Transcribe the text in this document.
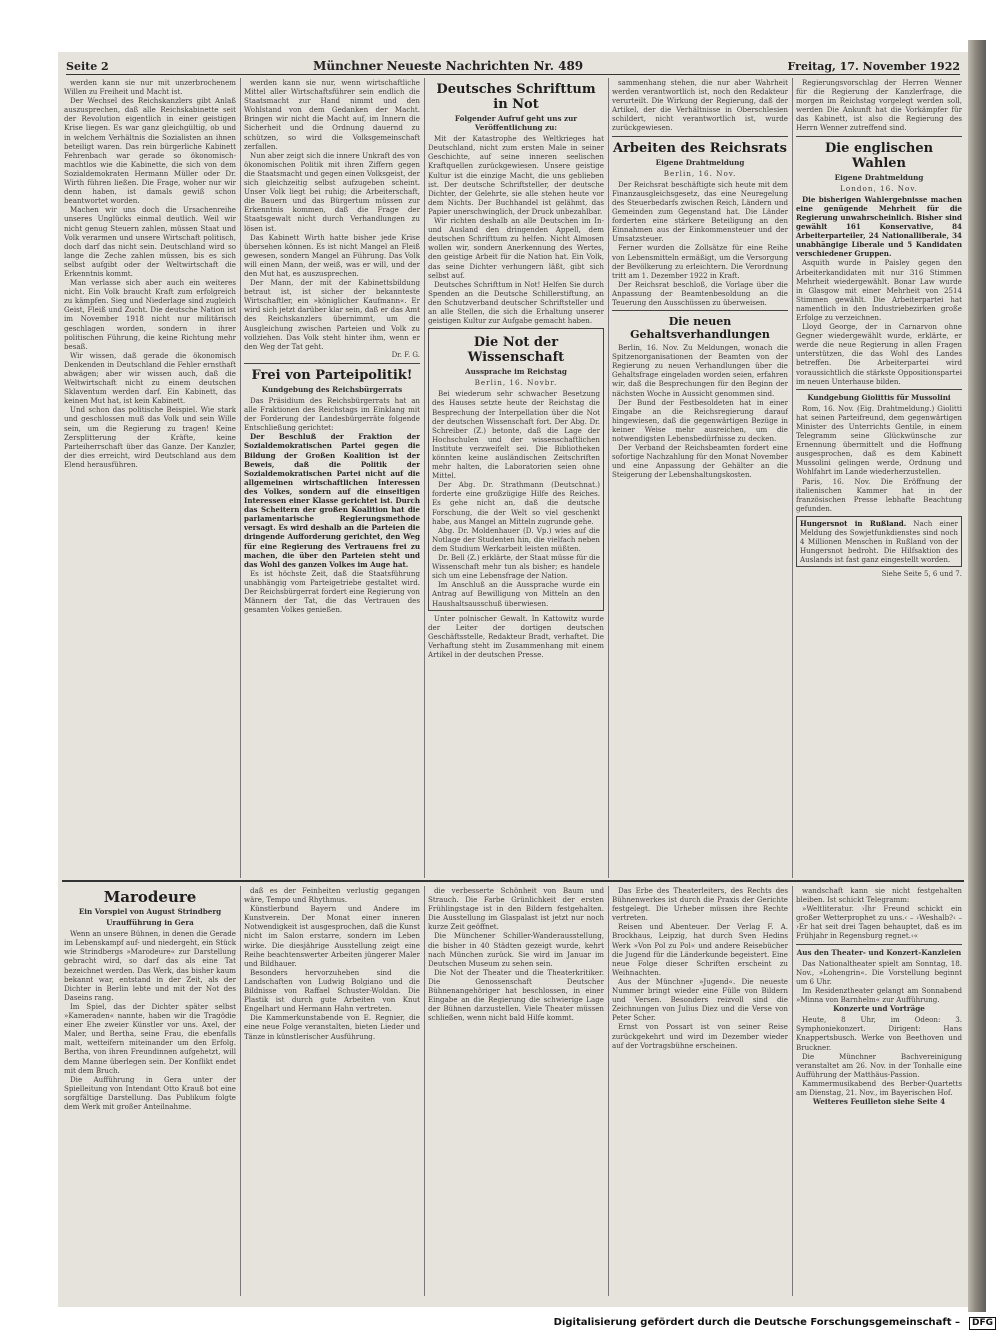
Seite 2	Münchner Neueste Nachrichten Nr. 489	Freitag, 17. November 1922

werden kann sie nur mit unzerbrochenem Willen zu Freiheit und Macht ist.

Der Wechsel des Reichskanzlers gibt Anlaß auszusprechen, daß alle Reichskabinette seit der Revolution eigentlich in einer geistigen Krise liegen. Es war ganz gleichgültig, ob und in welchem Verhältnis die Sozialisten an ihnen beteiligt waren. Das rein bürgerliche Kabinett Fehrenbach war gerade so ökonomisch-machtlos wie die Kabinette, die sich von dem Sozialdemokraten Hermann Müller oder Dr. Wirth führen ließen. Die Frage, woher nur wir denn haben, ist damals gewiß schon beantwortet worden.

Machen wir uns doch die Ursachenreihe unseres Unglücks einmal deutlich. Weil wir nicht genug Steuern zahlen, müssen Staat und Volk verarmen und unsere Wirtschaft politisch, doch darf das nicht sein. Deutschland wird so lange die Zeche zahlen müssen, bis es sich selbst aufgibt oder der Weltwirtschaft die Erkenntnis kommt.

Man verlasse sich aber auch ein weiteres nicht. Ein Volk braucht Kraft zum erfolgreich zu kämpfen. Sieg und Niederlage sind zugleich Geist, Fleiß und Zucht. Die deutsche Nation ist im November 1918 nicht nur militärisch geschlagen worden, sondern in ihrer politischen Führung, die keine Richtung mehr besaß.

Wir wissen, daß gerade die ökonomisch Denkenden in Deutschland die Fehler ernsthaft abwägen; aber wir wissen auch, daß die Weltwirtschaft nicht zu einem deutschen Sklaventum werden darf. Ein Kabinett, das keinen Mut hat, ist kein Kabinett.

Und schon das politische Beispiel. Wie stark und geschlossen muß das Volk und sein Wille sein, um die Regierung zu tragen! Keine Zersplitterung der Kräfte, keine Parteiherrschaft über das Ganze. Der Kanzler, der dies erreicht, wird Deutschland aus dem Elend herausführen.

werden kann sie nur, wenn wirtschaftliche Mittel aller Wirtschaftsführer sein endlich die Staatsmacht zur Hand nimmt und den Wohlstand von dem Gedanken der Macht. Bringen wir nicht die Macht auf, im Innern die Sicherheit und die Ordnung dauernd zu schützen, so wird die Volksgemeinschaft zerfallen.

Nun aber zeigt sich die innere Unkraft des von ökonomischen Politik mit ihren Ziffern gegen die Staatsmacht und gegen einen Volksgeist, der sich gleichzeitig selbst aufzugeben scheint. Unser Volk liegt bei ruhig; die Arbeiterschaft, die Bauern und das Bürgertum müssen zur Erkenntnis kommen, daß die Frage der Staatsgewalt nicht durch Verhandlungen zu lösen ist.

Das Kabinett Wirth hatte bisher jede Krise übersehen können. Es ist nicht Mangel an Fleiß gewesen, sondern Mangel an Führung. Das Volk will einen Mann, der weiß, was er will, und der den Mut hat, es auszusprechen.

Der Mann, der mit der Kabinettsbildung betraut ist, ist sicher der bekannteste Wirtschaftler, ein »königlicher Kaufmann«. Er wird sich jetzt darüber klar sein, daß er das Amt des Reichskanzlers übernimmt, um die Ausgleichung zwischen Parteien und Volk zu vollziehen. Das Volk steht hinter ihm, wenn er den Weg der Tat geht.

Dr. F. G.
Frei von Parteipolitik!
Kundgebung des Reichsbürgerrats

Das Präsidium des Reichsbürgerrats hat an alle Fraktionen des Reichstags im Einklang mit der Forderung der Landesbürgerräte folgende Entschließung gerichtet:

Der Beschluß der Fraktion der Sozialdemokratischen Partei gegen die Bildung der Großen Koalition ist der Beweis, daß die Politik der Sozialdemokratischen Partei nicht auf die allgemeinen wirtschaftlichen Interessen des Volkes, sondern auf die einseitigen Interessen einer Klasse gerichtet ist. Durch das Scheitern der großen Koalition hat die parlamentarische Regierungsmethode versagt. Es wird deshalb an die Parteien die dringende Aufforderung gerichtet, den Weg für eine Regierung des Vertrauens frei zu machen, die über den Parteien steht und das Wohl des ganzen Volkes im Auge hat.

Es ist höchste Zeit, daß die Staatsführung unabhängig vom Parteigetriebe gestaltet wird. Der Reichsbürgerrat fordert eine Regierung von Männern der Tat, die das Vertrauen des gesamten Volkes genießen.

Deutsches Schrifttum in Not
Folgender Aufruf geht uns zur Veröffentlichung zu:

Mit der Katastrophe des Weltkrieges hat Deutschland, nicht zum ersten Male in seiner Geschichte, auf seine inneren seelischen Kraftquellen zurückgewiesen. Unsere geistige Kultur ist die einzige Macht, die uns geblieben ist. Der deutsche Schriftsteller, der deutsche Dichter, der Gelehrte, sie alle stehen heute vor dem Nichts. Der Buchhandel ist gelähmt, das Papier unerschwinglich, der Druck unbezahlbar.

Wir richten deshalb an alle Deutschen im In- und Ausland den dringenden Appell, dem deutschen Schrifttum zu helfen. Nicht Almosen wollen wir, sondern Anerkennung des Wertes, den geistige Arbeit für die Nation hat. Ein Volk, das seine Dichter verhungern läßt, gibt sich selbst auf.

Deutsches Schrifttum in Not! Helfen Sie durch Spenden an die Deutsche Schillerstiftung, an den Schutzverband deutscher Schriftsteller und an alle Stellen, die sich die Erhaltung unserer geistigen Kultur zur Aufgabe gemacht haben.

Die Not der Wissenschaft
Aussprache im Reichstag
Berlin, 16. Novbr.

Bei wiederum sehr schwacher Besetzung des Hauses setzte heute der Reichstag die Besprechung der Interpellation über die Not der deutschen Wissenschaft fort. Der Abg. Dr. Schreiber (Z.) betonte, daß die Lage der Hochschulen und der wissenschaftlichen Institute verzweifelt sei. Die Bibliotheken könnten keine ausländischen Zeitschriften mehr halten, die Laboratorien seien ohne Mittel.

Der Abg. Dr. Strathmann (Deutschnat.) forderte eine großzügige Hilfe des Reiches. Es gehe nicht an, daß die deutsche Forschung, die der Welt so viel geschenkt habe, aus Mangel an Mitteln zugrunde gehe.

Abg. Dr. Moldenhauer (D. Vp.) wies auf die Notlage der Studenten hin, die vielfach neben dem Studium Werkarbeit leisten müßten.

Dr. Bell (Z.) erklärte, der Staat müsse für die Wissenschaft mehr tun als bisher; es handele sich um eine Lebensfrage der Nation.

Im Anschluß an die Aussprache wurde ein Antrag auf Bewilligung von Mitteln an den Haushaltsausschuß überwiesen.

Unter polnischer Gewalt. In Kattowitz wurde der Leiter der dortigen deutschen Geschäftsstelle, Redakteur Bradt, verhaftet. Die Verhaftung steht im Zusammenhang mit einem Artikel in der deutschen Presse.

sammenhang stehen, die nur aber Wahrheit werden verantwortlich ist, noch den Redakteur verurteilt. Die Wirkung der Regierung, daß der Artikel, der die Verhältnisse in Oberschlesien schildert, nicht verantwortlich ist, wurde zurückgewiesen.

Arbeiten des Reichsrats
Eigene Drahtmeldung
Berlin, 16. Nov.

Der Reichsrat beschäftigte sich heute mit dem Finanzausgleichsgesetz, das eine Neuregelung des Steuerbedarfs zwischen Reich, Ländern und Gemeinden zum Gegenstand hat. Die Länder forderten eine stärkere Beteiligung an den Einnahmen aus der Einkommensteuer und der Umsatzsteuer.

Ferner wurden die Zollsätze für eine Reihe von Lebensmitteln ermäßigt, um die Versorgung der Bevölkerung zu erleichtern. Die Verordnung tritt am 1. Dezember 1922 in Kraft.

Der Reichsrat beschloß, die Vorlage über die Anpassung der Beamtenbesoldung an die Teuerung den Ausschüssen zu überweisen.

Die neuen Gehaltsverhandlungen

Berlin, 16. Nov. Zu Meldungen, wonach die Spitzenorganisationen der Beamten von der Regierung zu neuen Verhandlungen über die Gehaltsfrage eingeladen worden seien, erfahren wir, daß die Besprechungen für den Beginn der nächsten Woche in Aussicht genommen sind.

Der Bund der Festbesoldeten hat in einer Eingabe an die Reichsregierung darauf hingewiesen, daß die gegenwärtigen Bezüge in keiner Weise mehr ausreichen, um die notwendigsten Lebensbedürfnisse zu decken.

Der Verband der Reichsbeamten fordert eine sofortige Nachzahlung für den Monat November und eine Anpassung der Gehälter an die Steigerung der Lebenshaltungskosten.

Regierungsvorschlag der Herren Wenner für die Regierung der Kanzlerfrage, die morgen im Reichstag vorgelegt werden soll, werden Die Ankunft hat die Vorkämpfer für das Kabinett, ist also die Regierung des Herrn Wenner zutreffend sind.

Die englischen Wahlen
Eigene Drahtmeldung
London, 16. Nov.

Die bisherigen Wahlergebnisse machen eine genügende Mehrheit für die Regierung unwahrscheinlich. Bisher sind gewählt 161 Konservative, 84 Arbeiterparteiler, 24 Nationalliberale, 34 unabhängige Liberale und 5 Kandidaten verschiedener Gruppen.

Asquith wurde in Paisley gegen den Arbeiterkandidaten mit nur 316 Stimmen Mehrheit wiedergewählt. Bonar Law wurde in Glasgow mit einer Mehrheit von 2514 Stimmen gewählt. Die Arbeiterpartei hat namentlich in den Industriebezirken große Erfolge zu verzeichnen.

Lloyd George, der in Carnarvon ohne Gegner wiedergewählt wurde, erklärte, er werde die neue Regierung in allen Fragen unterstützen, die das Wohl des Landes betreffen. Die Arbeiterpartei wird voraussichtlich die stärkste Oppositionspartei im neuen Unterhause bilden.

Kundgebung Giolittis für Mussolini

Rom, 16. Nov. (Eig. Drahtmeldung.) Giolitti hat seinen Parteifreund, dem gegenwärtigen Minister des Unterrichts Gentile, in einem Telegramm seine Glückwünsche zur Ernennung übermittelt und die Hoffnung ausgesprochen, daß es dem Kabinett Mussolini gelingen werde, Ordnung und Wohlfahrt im Lande wiederherzustellen.

Paris, 16. Nov. Die Eröffnung der italienischen Kammer hat in der französischen Presse lebhafte Beachtung gefunden.

Hungersnot in Rußland. Nach einer Meldung des Sowjetfunkdienstes sind noch 4 Millionen Menschen in Rußland von der Hungersnot bedroht. Die Hilfsaktion des Auslands ist fast ganz eingestellt worden.
Siehe Seite 5, 6 und 7.
Marodeure
Ein Vorspiel von August Strindberg
Uraufführung in Gera

Wenn an unsere Bühnen, in denen die Gerade im Lebenskampf auf- und niedergeht, ein Stück wie Strindbergs »Marodeure« zur Darstellung gebracht wird, so darf das als eine Tat bezeichnet werden. Das Werk, das bisher kaum bekannt war, entstand in der Zeit, als der Dichter in Berlin lebte und mit der Not des Daseins rang.

Im Spiel, das der Dichter später selbst »Kameraden« nannte, haben wir die Tragödie einer Ehe zweier Künstler vor uns. Axel, der Maler, und Bertha, seine Frau, die ebenfalls malt, wetteifern miteinander um den Erfolg. Bertha, von ihren Freundinnen aufgehetzt, will dem Manne überlegen sein. Der Konflikt endet mit dem Bruch.

Die Aufführung in Gera unter der Spielleitung von Intendant Otto Krauß bot eine sorgfältige Darstellung. Das Publikum folgte dem Werk mit großer Anteilnahme.

daß es der Feinheiten verlustig gegangen wäre, Tempo und Rhythmus.

Künstlerbund Bayern und Andere im Kunstverein. Der Monat einer inneren Notwendigkeit ist ausgesprochen, daß die Kunst nicht im Salon erstarre, sondern im Leben wirke. Die diesjährige Ausstellung zeigt eine Reihe beachtenswerter Arbeiten jüngerer Maler und Bildhauer.

Besonders hervorzuheben sind die Landschaften von Ludwig Bolgiano und die Bildnisse von Raffael Schuster-Woldan. Die Plastik ist durch gute Arbeiten von Knut Engelhart und Hermann Hahn vertreten.

Die Kammerkunstabende von E. Regnier, die eine neue Folge veranstalten, bieten Lieder und Tänze in künstlerischer Ausführung.

die verbesserte Schönheit von Baum und Strauch. Die Farbe Grünlichkeit der ersten Frühlingstage ist in den Bildern festgehalten. Die Ausstellung im Glaspalast ist jetzt nur noch kurze Zeit geöffnet.

Die Münchener Schiller-Wanderausstellung, die bisher in 40 Städten gezeigt wurde, kehrt nach München zurück. Sie wird im Januar im Deutschen Museum zu sehen sein.

Die Not der Theater und die Theaterkritiker. Die Genossenschaft Deutscher Bühnenangehöriger hat beschlossen, in einer Eingabe an die Regierung die schwierige Lage der Bühnen darzustellen. Viele Theater müssen schließen, wenn nicht bald Hilfe kommt.

Das Erbe des Theaterleiters, des Rechts des Bühnenwerkes ist durch die Praxis der Gerichte festgelegt. Die Urheber müssen ihre Rechte vertreten.

Reisen und Abenteuer. Der Verlag F. A. Brockhaus, Leipzig, hat durch Sven Hedins Werk »Von Pol zu Pol« und andere Reisebücher die Jugend für die Länderkunde begeistert. Eine neue Folge dieser Schriften erscheint zu Weihnachten.

Aus der Münchner »Jugend«. Die neueste Nummer bringt wieder eine Fülle von Bildern und Versen. Besonders reizvoll sind die Zeichnungen von Julius Diez und die Verse von Peter Scher.

Ernst von Possart ist von seiner Reise zurückgekehrt und wird im Dezember wieder auf der Vortragsbühne erscheinen.

wandschaft kann sie nicht festgehalten bleiben. Ist schickt Telegramm:

»Weltliteratur. ›Ihr Freund schickt ein großer Wetterprophet zu uns.‹ – ›Weshalb?‹ – ›Er hat seit drei Tagen behauptet, daß es im Frühjahr in Regensburg regnet.‹«

Aus den Theater- und Konzert-Kanzleien

Das Nationaltheater spielt am Sonntag, 18. Nov., »Lohengrin«. Die Vorstellung beginnt um 6 Uhr.

Im Residenztheater gelangt am Sonnabend »Minna von Barnhelm« zur Aufführung.

Konzerte und Vorträge

Heute, 8 Uhr, im Odeon: 3. Symphoniekonzert. Dirigent: Hans Knappertsbusch. Werke von Beethoven und Bruckner.

Die Münchner Bachvereinigung veranstaltet am 26. Nov. in der Tonhalle eine Aufführung der Matthäus-Passion.

Kammermusikabend des Berber-Quartetts am Dienstag, 21. Nov., im Bayerischen Hof.

Weiteres Feuilleton siehe Seite 4
Digitalisierung gefördert durch die Deutsche Forschungsgemeinschaft –	DFG
